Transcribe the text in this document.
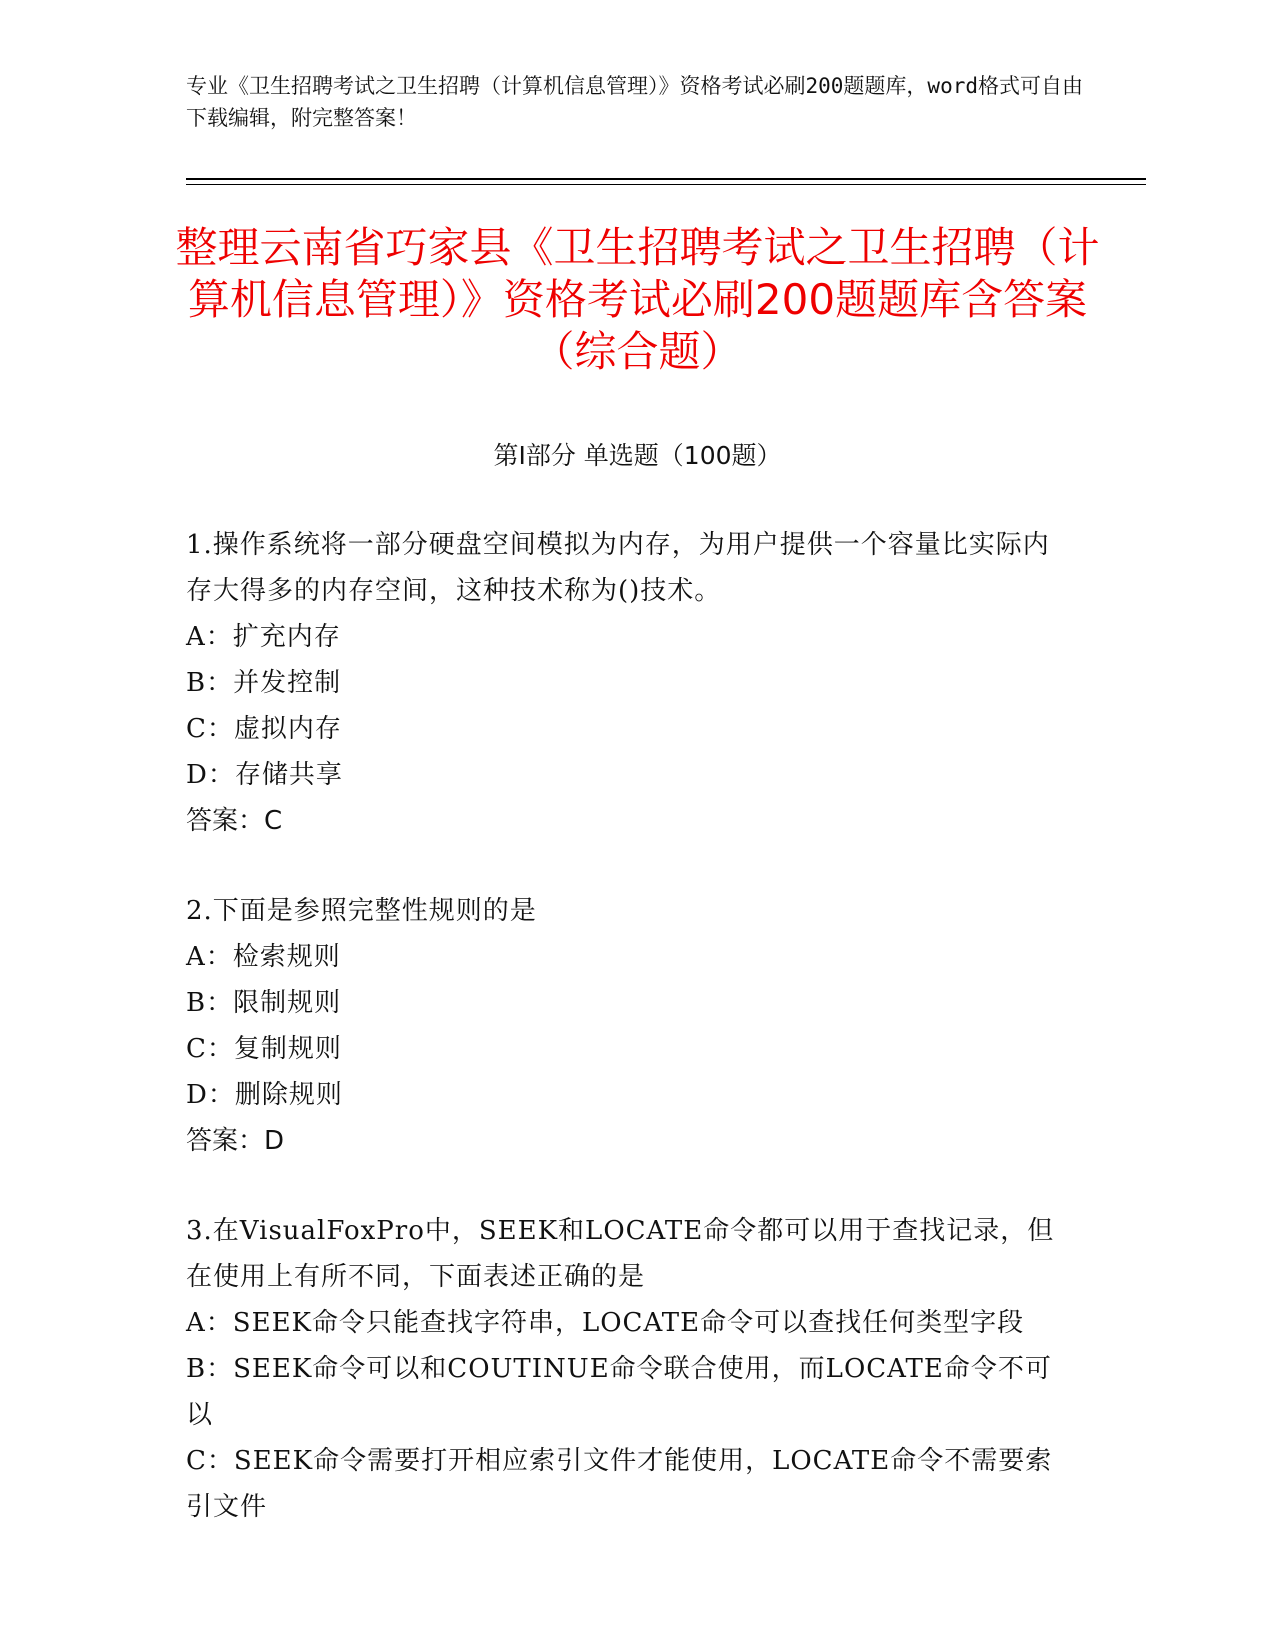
专业《卫生招聘考试之卫生招聘（计算机信息管理）》资格考试必刷200题题库，word格式可自由下载编辑，附完整答案！
整理云南省巧家县《卫生招聘考试之卫生招聘（计算机信息管理）》资格考试必刷200题题库含答案（综合题）
第I部分 单选题（100题）
1.操作系统将一部分硬盘空间模拟为内存，为用户提供一个容量比实际内存大得多的内存空间，这种技术称为()技术。
A：扩充内存
B：并发控制
C：虚拟内存
D：存储共享
答案：C
2.下面是参照完整性规则的是
A：检索规则
B：限制规则
C：复制规则
D：删除规则
答案：D
3.在VisualFoxPro中，SEEK和LOCATE命令都可以用于查找记录，但在使用上有所不同，下面表述正确的是
A：SEEK命令只能查找字符串，LOCATE命令可以查找任何类型字段
B：SEEK命令可以和COUTINUE命令联合使用，而LOCATE命令不可以
C：SEEK命令需要打开相应索引文件才能使用，LOCATE命令不需要索引文件
